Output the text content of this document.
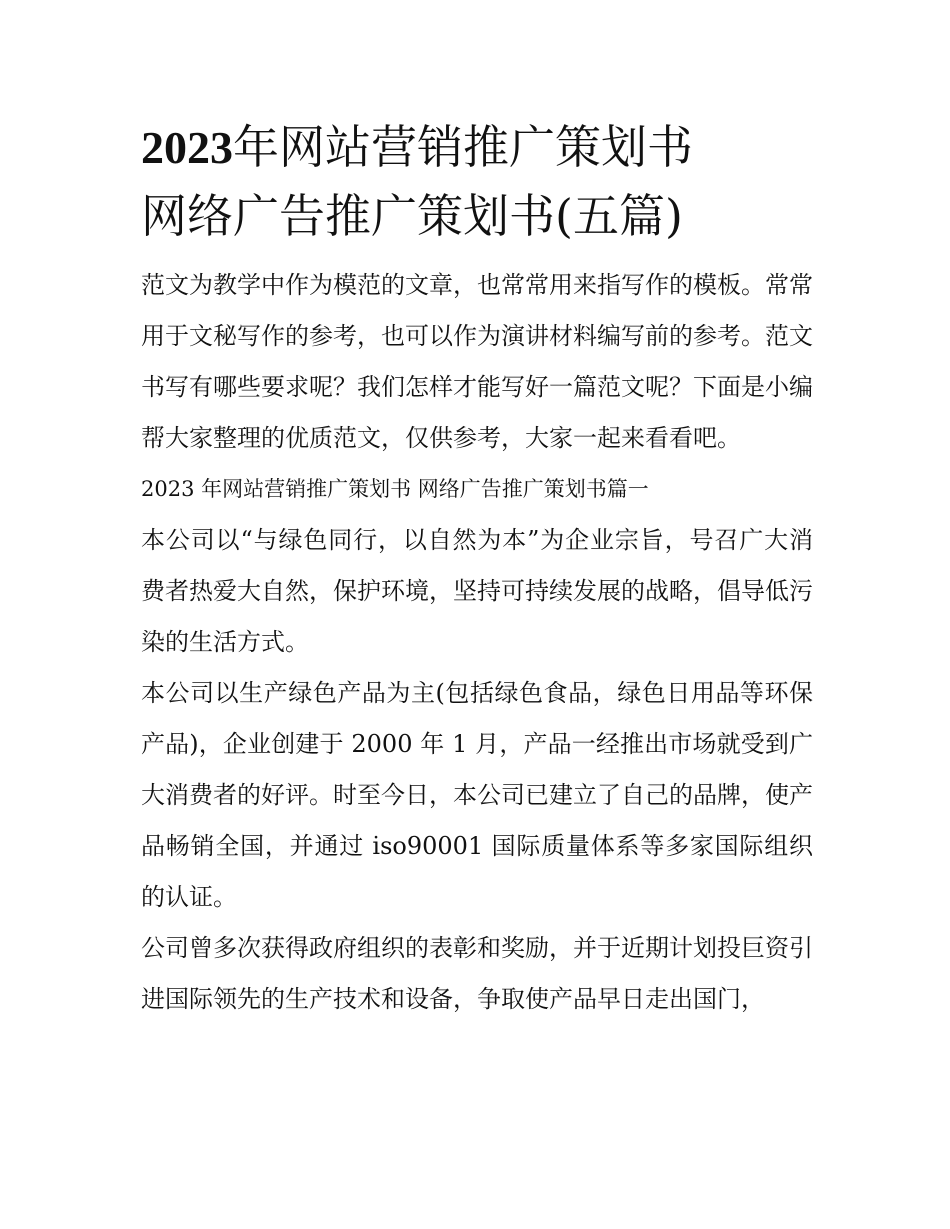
2023年网站营销推广策划书
网络广告推广策划书(五篇)

范文为教学中作为模范的文章，也常常用来指写作的模板。常常用于文秘写作的参考，也可以作为演讲材料编写前的参考。范文书写有哪些要求呢？我们怎样才能写好一篇范文呢？下面是小编帮大家整理的优质范文，仅供参考，大家一起来看看吧。

2023 年网站营销推广策划书 网络广告推广策划书篇一

本公司以“与绿色同行，以自然为本”为企业宗旨，号召广大消费者热爱大自然，保护环境，坚持可持续发展的战略，倡导低污染的生活方式。

本公司以生产绿色产品为主(包括绿色食品，绿色日用品等环保产品)，企业创建于 2000 年 1 月，产品一经推出市场就受到广大消费者的好评。时至今日，本公司已建立了自己的品牌，使产品畅销全国，并通过 iso90001 国际质量体系等多家国际组织的认证。

公司曾多次获得政府组织的表彰和奖励，并于近期计划投巨资引进国际领先的生产技术和设备，争取使产品早日走出国门，
